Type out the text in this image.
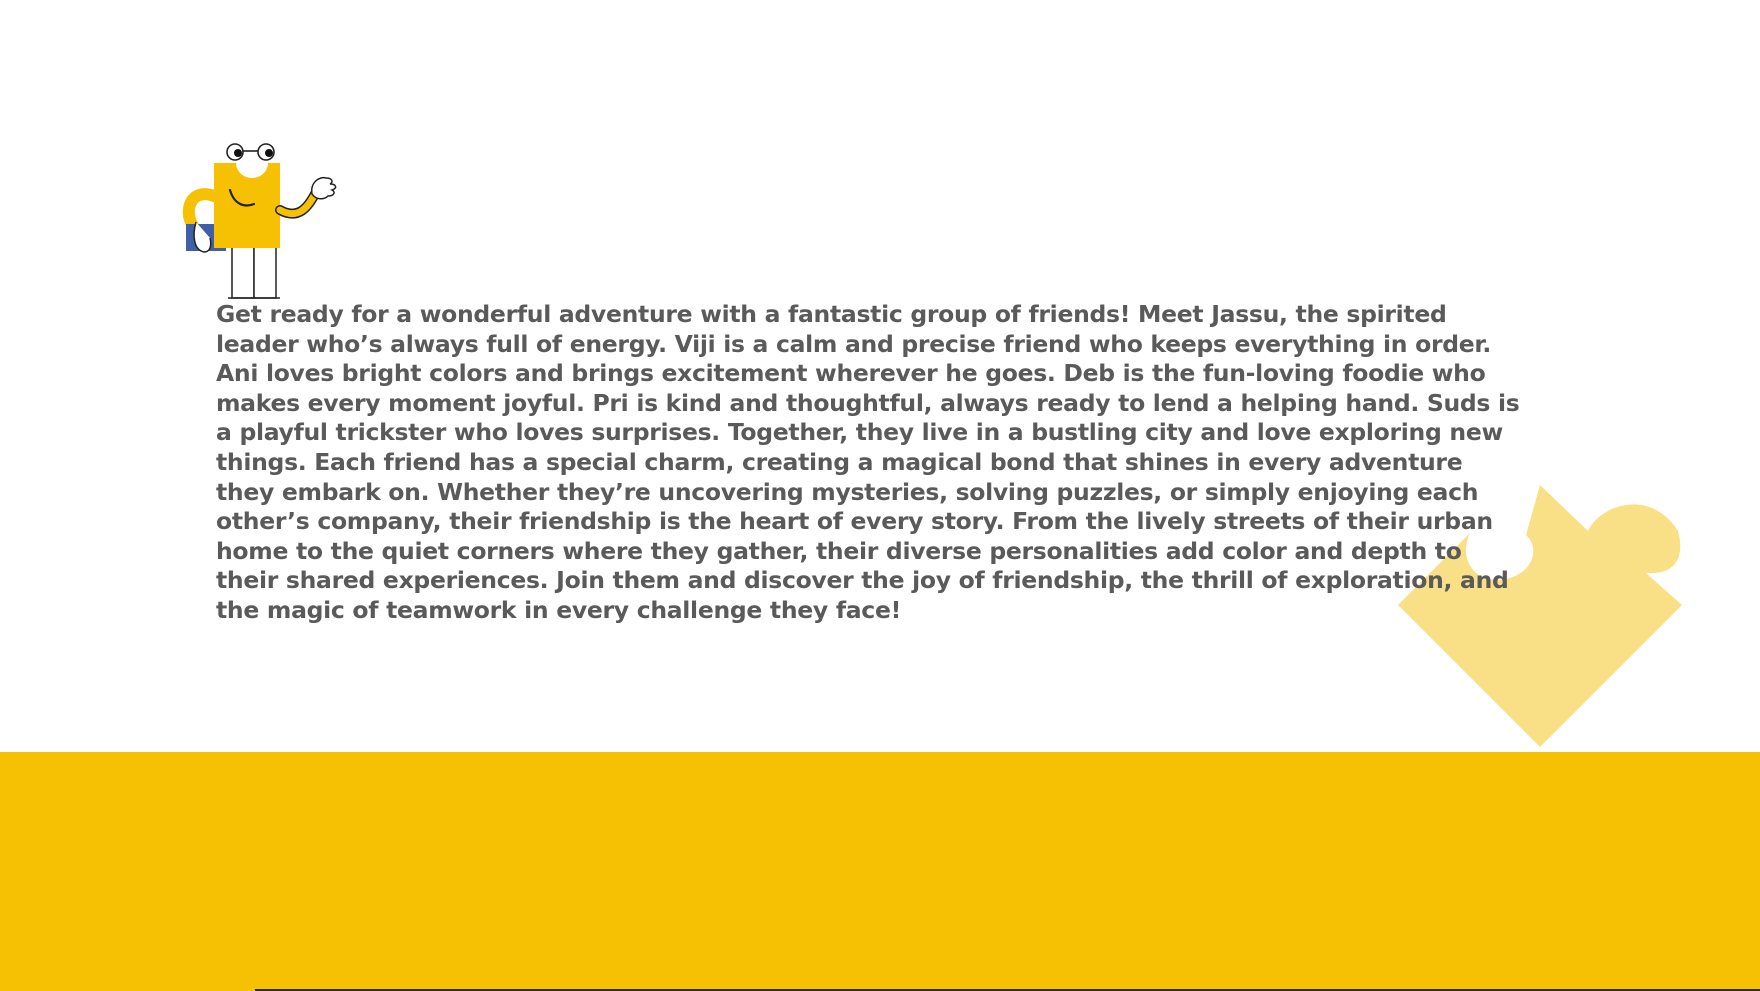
Get ready for a wonderful adventure with a fantastic group of friends! Meet Jassu, the spirited leader who’s always full of energy. Viji is a calm and precise friend who keeps everything in order. Ani loves bright colors and brings excitement wherever he goes. Deb is the fun-loving foodie who makes every moment joyful. Pri is kind and thoughtful, always ready to lend a helping hand. Suds is a playful trickster who loves surprises. Together, they live in a bustling city and love exploring new things. Each friend has a special charm, creating a magical bond that shines in every adventure they embark on. Whether they’re uncovering mysteries, solving puzzles, or simply enjoying each other’s company, their friendship is the heart of every story. From the lively streets of their urban home to the quiet corners where they gather, their diverse personalities add color and depth to their shared experiences. Join them and discover the joy of friendship, the thrill of exploration, and the magic of teamwork in every challenge they face!
